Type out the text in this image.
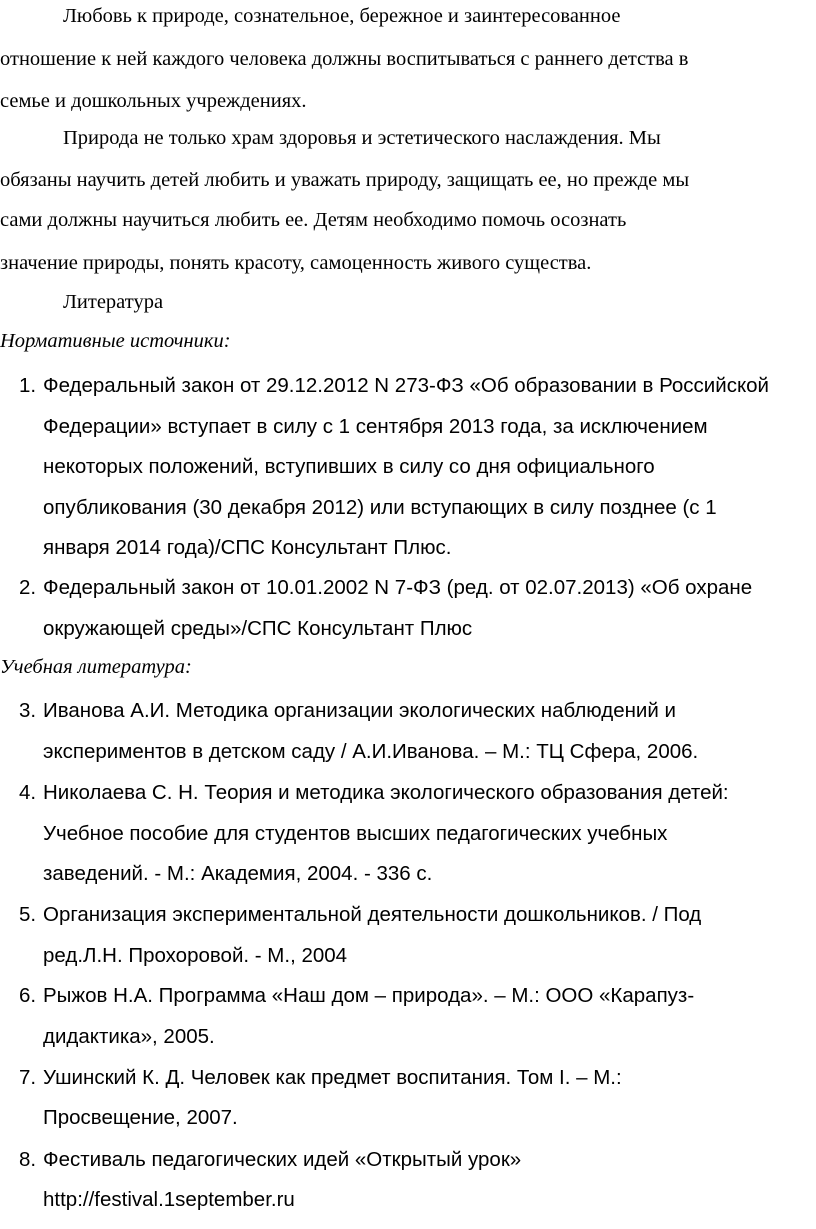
Любовь к природе, сознательное, бережное и заинтересованное
отношение к ней каждого человека должны воспитываться с раннего детства в
семье и дошкольных учреждениях.
Природа не только храм здоровья и эстетического наслаждения. Мы
обязаны научить детей любить и уважать природу, защищать ее, но прежде мы
сами должны научиться любить ее. Детям необходимо помочь осознать
значение природы, понять красоту, самоценность живого существа.
Литература
Нормативные источники:
1. Федеральный закон от 29.12.2012 N 273-ФЗ «Об образовании в Российской
Федерации» вступает в силу с 1 сентября 2013 года, за исключением
некоторых положений, вступивших в силу со дня официального
опубликования (30 декабря 2012) или вступающих в силу позднее (с 1
января 2014 года)/СПС Консультант Плюс.
2. Федеральный закон от 10.01.2002 N 7-ФЗ (ред. от 02.07.2013) «Об охране
окружающей среды»/СПС Консультант Плюс
Учебная литература:
3. Иванова А.И. Методика организации экологических наблюдений и
экспериментов в детском саду / А.И.Иванова. – М.: ТЦ Сфера, 2006.
4. Николаева С. Н. Теория и методика экологического образования детей:
Учебное пособие для студентов высших педагогических учебных
заведений. - М.: Академия, 2004. - 336 с.
5. Организация экспериментальной деятельности дошкольников. / Под
ред.Л.Н. Прохоровой. - М., 2004
6. Рыжов Н.А. Программа «Наш дом – природа». – М.: ООО «Карапуз-
дидактика», 2005.
7. Ушинский К. Д. Человек как предмет воспитания. Том I. – М.:
Просвещение, 2007.
8. Фестиваль педагогических идей «Открытый урок»
http://festival.1september.ru
